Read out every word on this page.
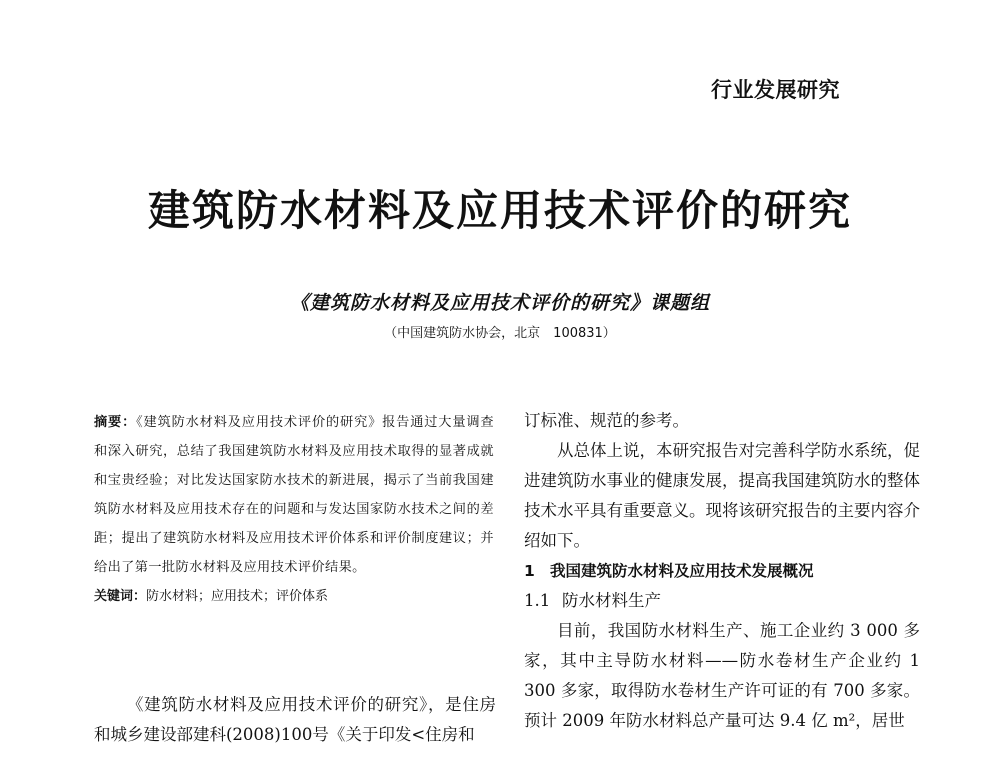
行业发展研究
建筑防水材料及应用技术评价的研究
《建筑防水材料及应用技术评价的研究》课题组
（中国建筑防水协会，北京　100831）
摘要：《建筑防水材料及应用技术评价的研究》报告通过大量调查和深入研究，总结了我国建筑防水材料及应用技术取得的显著成就和宝贵经验；对比发达国家防水技术的新进展，揭示了当前我国建筑防水材料及应用技术存在的问题和与发达国家防水技术之间的差距；提出了建筑防水材料及应用技术评价体系和评价制度建议；并给出了第一批防水材料及应用技术评价结果。
关键词：防水材料；应用技术；评价体系

《建筑防水材料及应用技术评价的研究》，是住房和城乡建设部建科(2008)100号《关于印发<住房和

订标准、规范的参考。

从总体上说，本研究报告对完善科学防水系统，促进建筑防水事业的健康发展，提高我国建筑防水的整体技术水平具有重要意义。现将该研究报告的主要内容介绍如下。

1 我国建筑防水材料及应用技术发展概况

1.1 防水材料生产

目前，我国防水材料生产、施工企业约 3 000 多家，其中主导防水材料——防水卷材生产企业约 1 300 多家，取得防水卷材生产许可证的有 700 多家。预计 2009 年防水材料总产量可达 9.4 亿 m²，居世
